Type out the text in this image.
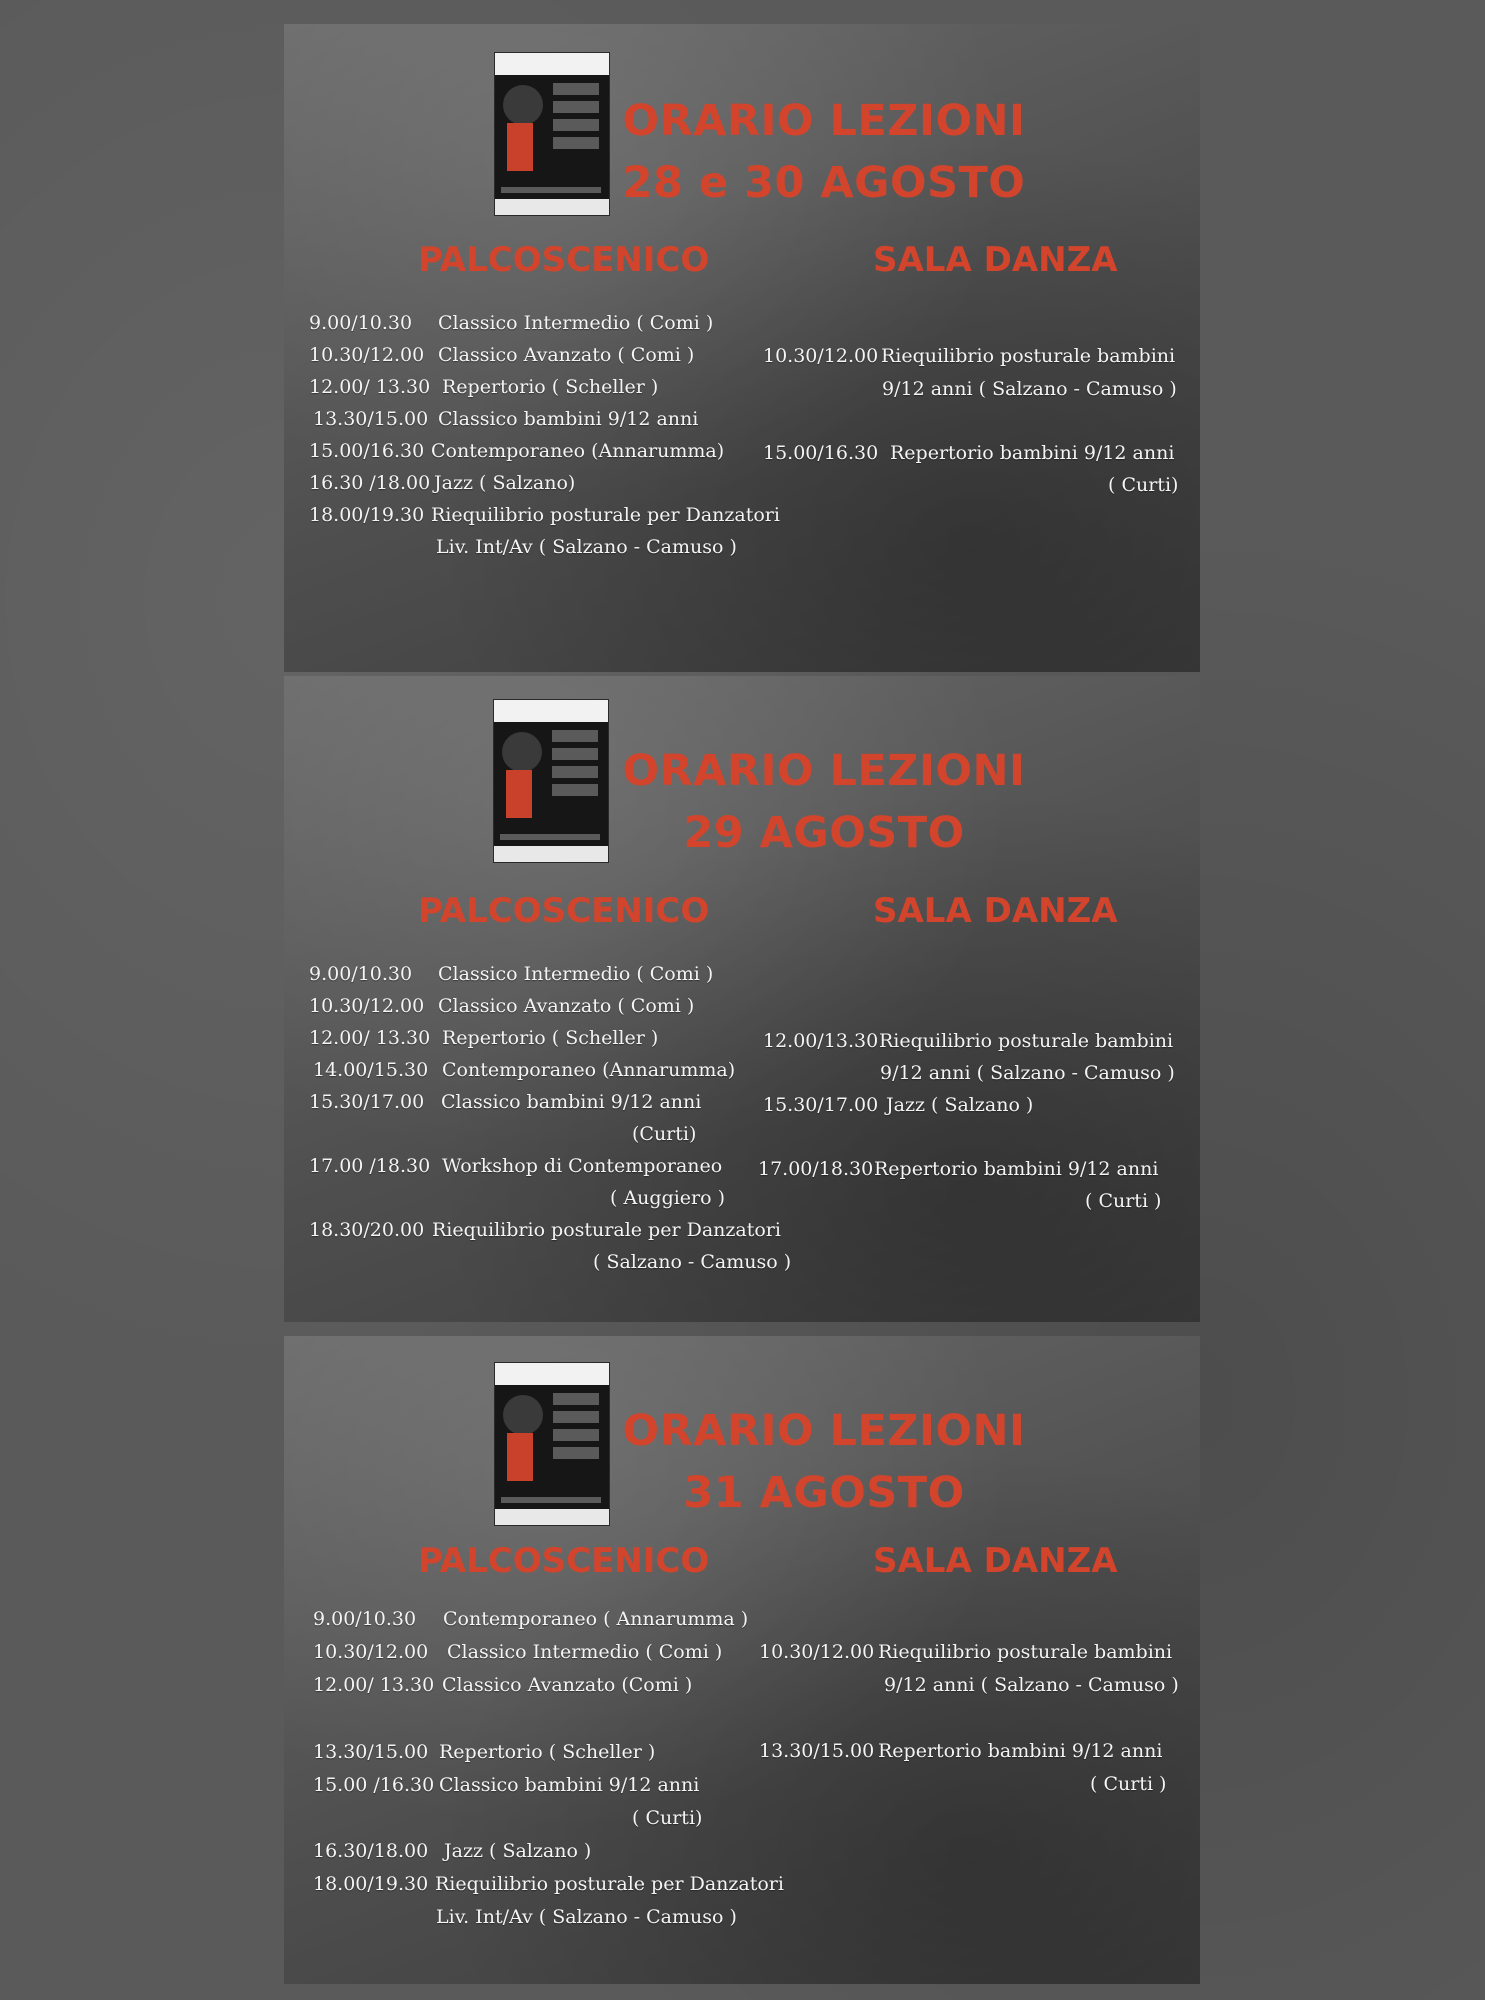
ORARIO LEZIONI
28 e 30 AGOSTO
PALCOSCENICO	SALA DANZA
9.00/10.30 Classico Intermedio ( Comi )
10.30/12.00 Classico Avanzato ( Comi )
12.00/ 13.30 Repertorio ( Scheller )
13.30/15.00 Classico bambini 9/12 anni
15.00/16.30 Contemporaneo (Annarumma)
16.30 /18.00 Jazz ( Salzano)
18.00/19.30 Riequilibrio posturale per Danzatori
Liv. Int/Av ( Salzano - Camuso )
10.30/12.00 Riequilibrio posturale bambini
9/12 anni ( Salzano - Camuso )
15.00/16.30 Repertorio bambini 9/12 anni
( Curti)
ORARIO LEZIONI
29 AGOSTO
PALCOSCENICO	SALA DANZA
9.00/10.30 Classico Intermedio ( Comi )
10.30/12.00 Classico Avanzato ( Comi )
12.00/ 13.30 Repertorio ( Scheller )
14.00/15.30 Contemporaneo (Annarumma)
15.30/17.00 Classico bambini 9/12 anni
(Curti)
17.00 /18.30 Workshop di Contemporaneo
( Auggiero )
18.30/20.00 Riequilibrio posturale per Danzatori
( Salzano - Camuso )
12.00/13.30Riequilibrio posturale bambini
9/12 anni ( Salzano - Camuso )
15.30/17.00 Jazz ( Salzano )
17.00/18.30Repertorio bambini 9/12 anni
( Curti )
ORARIO LEZIONI
31 AGOSTO
PALCOSCENICO	SALA DANZA
9.00/10.30 Contemporaneo ( Annarumma )
10.30/12.00 Classico Intermedio ( Comi )
12.00/ 13.30 Classico Avanzato (Comi )
13.30/15.00 Repertorio ( Scheller )
15.00 /16.30 Classico bambini 9/12 anni
( Curti)
16.30/18.00 Jazz ( Salzano )
18.00/19.30 Riequilibrio posturale per Danzatori
Liv. Int/Av ( Salzano - Camuso )
10.30/12.00 Riequilibrio posturale bambini
9/12 anni ( Salzano - Camuso )
13.30/15.00 Repertorio bambini 9/12 anni
( Curti )
